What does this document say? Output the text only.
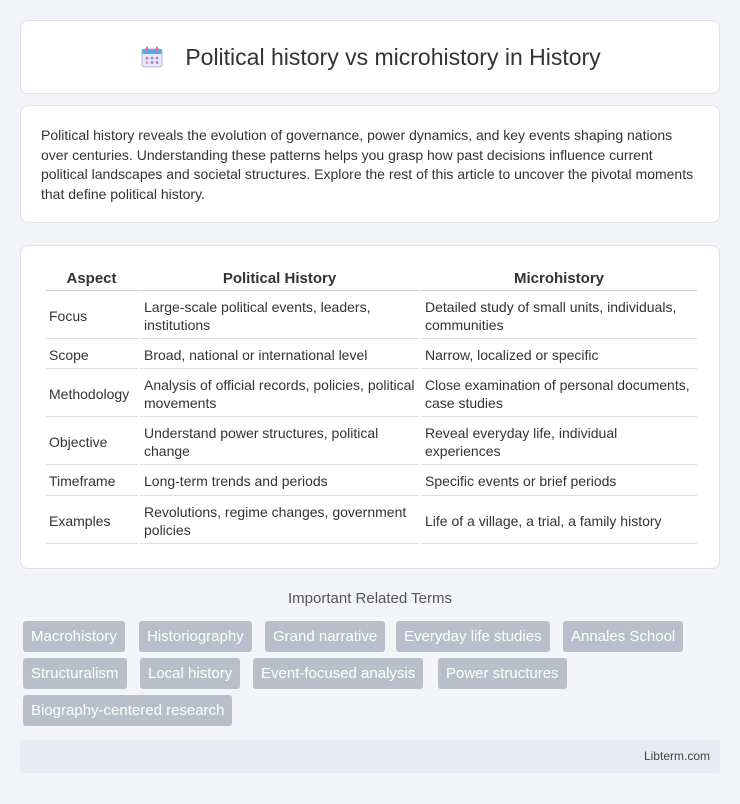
Political history vs microhistory in History

Political history reveals the evolution of governance, power dynamics, and key events shaping nations over centuries. Understanding these patterns helps you grasp how past decisions influence current political landscapes and societal structures. Explore the rest of this article to uncover the pivotal moments that define political history.

Aspect	Political History	Microhistory
Focus	Large-scale political events, leaders, institutions	Detailed study of small units, individuals, communities
Scope	Broad, national or international level	Narrow, localized or specific
Methodology	Analysis of official records, policies, political movements	Close examination of personal documents, case studies
Objective	Understand power structures, political change	Reveal everyday life, individual experiences
Timeframe	Long-term trends and periods	Specific events or brief periods
Examples	Revolutions, regime changes, government policies	Life of a village, a trial, a family history
Important Related Terms
Macrohistory	Historiography	Grand narrative	Everyday life studies	Annales School
Structuralism	Local history	Event-focused analysis	Power structures
Biography-centered research
Libterm.com
